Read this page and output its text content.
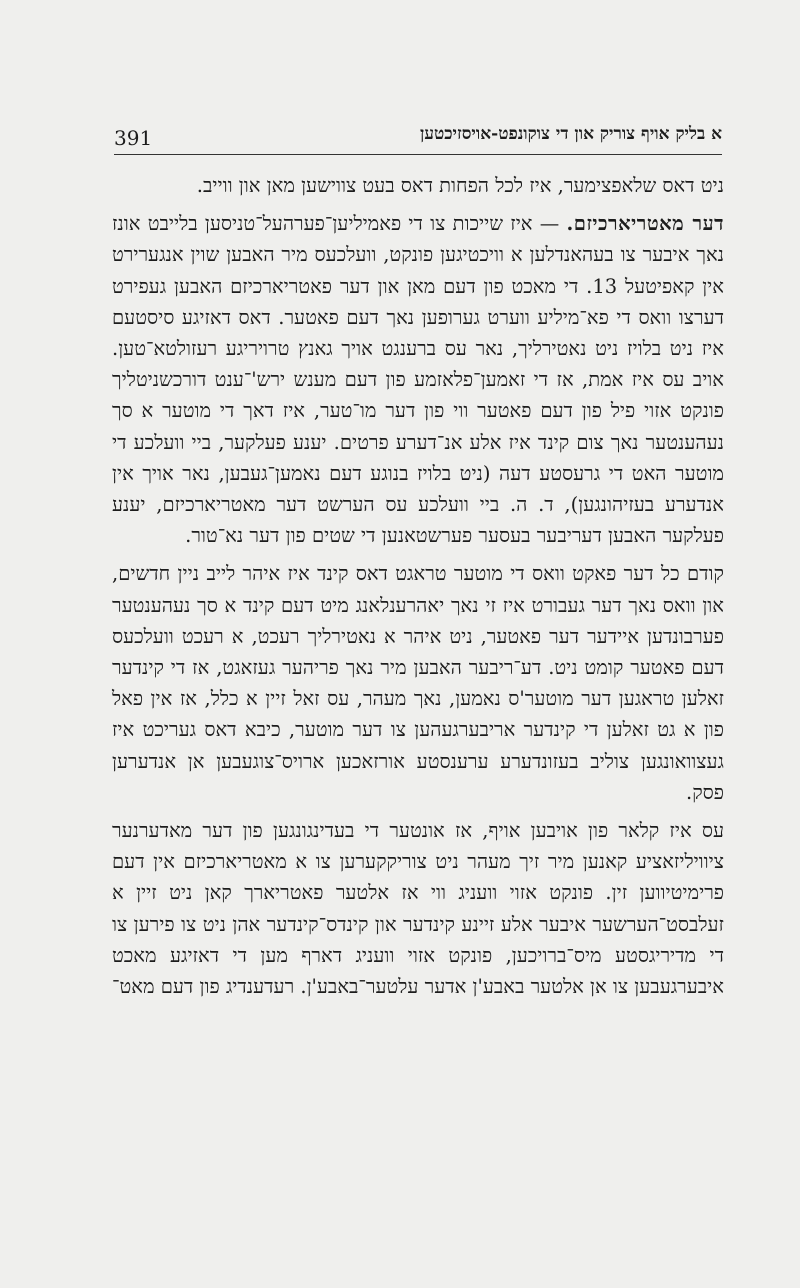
391	א בליק אויף צוריק און די צוקונפט-אויסזיכטען

ניט דאס שלאפצימער, איז לכל הפחות דאס בעט צווישען מאן און ווייב.

דער מאטריארכיזם. — איז שייכות צו די פאמיליען־פערהעל־טניסען בלייבט אונז נאך איבער צו בעהאנדלען א וויכטיגען פונקט, וועלכעס מיר האבען שוין אנגערירט אין קאפיטעל 13. די מאכט פון דעם מאן און דער פאטריארכיזם האבען געפירט דערצו וואס די פא־מיליע ווערט גערופען נאך דעם פאטער. דאס דאזיגע סיסטעם איז ניט בלויז ניט נאטירליך, נאר עס ברענגט אויך גאנץ טרויריגע רעזולטא־טען. אויב עס איז אמת, אז די זאמען־פלאזמע פון דעם מענש ירש'־ענט דורכשניטליך פונקט אזוי פיל פון דעם פאטער ווי פון דער מו־טער, איז דאך די מוטער א סך נעהענטער נאך צום קינד איז אלע אנ־דערע פרטים. יענע פעלקער, ביי וועלכע די מוטער האט די גרעסטע דעה (ניט בלויז בנוגע דעם נאמען־געבען, נאר אויך אין אנדערע בעזיהונגען), ד. ה. ביי וועלכע עס הערשט דער מאטריארכיזם, יענע פעלקער האבען דעריבער בעסער פערשטאנען די שטים פון דער נא־טור.

קודם כל דער פאקט וואס די מוטער טראגט דאס קינד איז איהר לייב ניין חדשים, און וואס נאך דער געבורט איז זי נאך יאהרענלאנג מיט דעם קינד א סך נעהענטער פערבונדען איידער דער פאטער, ניט איהר א נאטירליך רעכט, א רעכט וועלכעס דעם פאטער קומט ניט. דע־ריבער האבען מיר נאך פריהער געזאגט, אז די קינדער זאלען טראגען דער מוטער'ס נאמען, נאך מעהר, עס זאל זיין א כלל, אז אין פאל פון א גט זאלען די קינדער אריבערגעהען צו דער מוטער, כיבא דאס געריכט איז געצוואונגען צוליב בעזונדערע ערענסטע אורזאכען ארויס־צוגעבען אן אנדערען פסק.

עס איז קלאר פון אויבען אויף, אז אונטער די בעדינגונגען פון דער מאדערנער ציוויליזאציע קאנען מיר זיך מעהר ניט צוריקקערען צו א מאטריארכיזם אין דעם פרימיטיווען זין. פונקט אזוי וועניג ווי אז אלטער פאטריארך קאן ניט זיין א זעלבסט־הערשער איבער אלע זיינע קינדער און קינדס־קינדער אהן ניט צו פירען צו די מדיריגסטע מיס־ברויכען, פונקט אזוי וועניג דארף מען די דאזיגע מאכט איבערגעבען צו אן אלטער באבע'ן אדער עלטער־באבע'ן. רעדענדיג פון דעם מאט־
